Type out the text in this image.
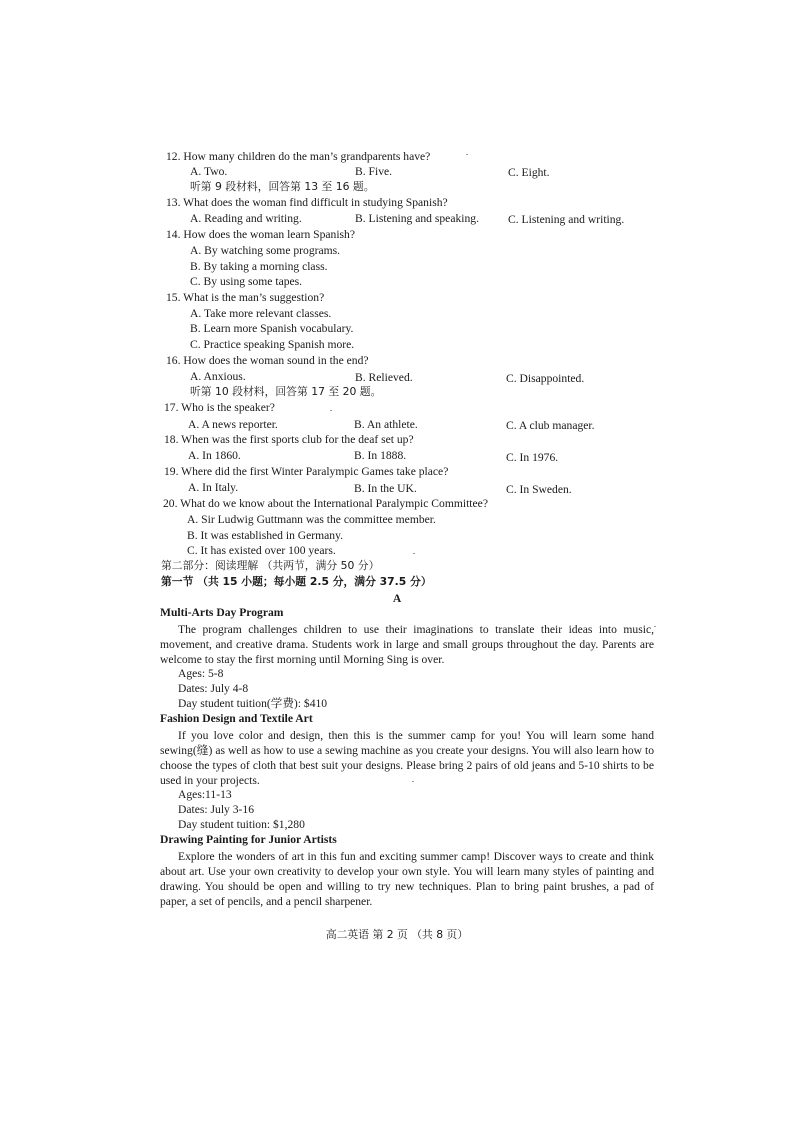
12. How many children do the man’s grandparents have?
A. Two.	B. Five.	C. Eight.
听第 9 段材料，回答第 13 至 16 题。
13. What does the woman find difficult in studying Spanish?
A. Reading and writing.	B. Listening and speaking.	C. Listening and writing.
14. How does the woman learn Spanish?
A. By watching some programs.
B. By taking a morning class.
C. By using some tapes.
15. What is the man’s suggestion?
A. Take more relevant classes.
B. Learn more Spanish vocabulary.
C. Practice speaking Spanish more.
16. How does the woman sound in the end?
A. Anxious.	B. Relieved.	C. Disappointed.
听第 10 段材料，回答第 17 至 20 题。
17. Who is the speaker?
A. A news reporter.	B. An athlete.	C. A club manager.
18. When was the first sports club for the deaf set up?
A. In 1860.	B. In 1888.	C. In 1976.
19. Where did the first Winter Paralympic Games take place?
A. In Italy.	B. In the UK.	C. In Sweden.
20. What do we know about the International Paralympic Committee?
A. Sir Ludwig Guttmann was the committee member.
B. It was established in Germany.
C. It has existed over 100 years.
第二部分：阅读理解 （共两节，满分 50 分）
第一节 （共 15 小题；每小题 2.5 分，满分 37.5 分）
A
Multi-Arts Day Program
The program challenges children to use their imaginations to translate their ideas into music, movement, and creative drama. Students work in large and small groups throughout the day. Parents are welcome to stay the first morning until Morning Sing is over.
Ages: 5-8
Dates: July 4-8
Day student tuition(学费): $410
Fashion Design and Textile Art
If you love color and design, then this is the summer camp for you! You will learn some hand sewing(缝) as well as how to use a sewing machine as you create your designs. You will also learn how to choose the types of cloth that best suit your designs. Please bring 2 pairs of old jeans and 5-10 shirts to be used in your projects.
Ages:11-13
Dates: July 3-16
Day student tuition: $1,280
Drawing Painting for Junior Artists
Explore the wonders of art in this fun and exciting summer camp! Discover ways to create and think about art. Use your own creativity to develop your own style. You will learn many styles of painting and drawing. You should be open and willing to try new techniques. Plan to bring paint brushes, a pad of paper, a set of pencils, and a pencil sharpener.
高二英语 第 2 页 （共 8 页）
